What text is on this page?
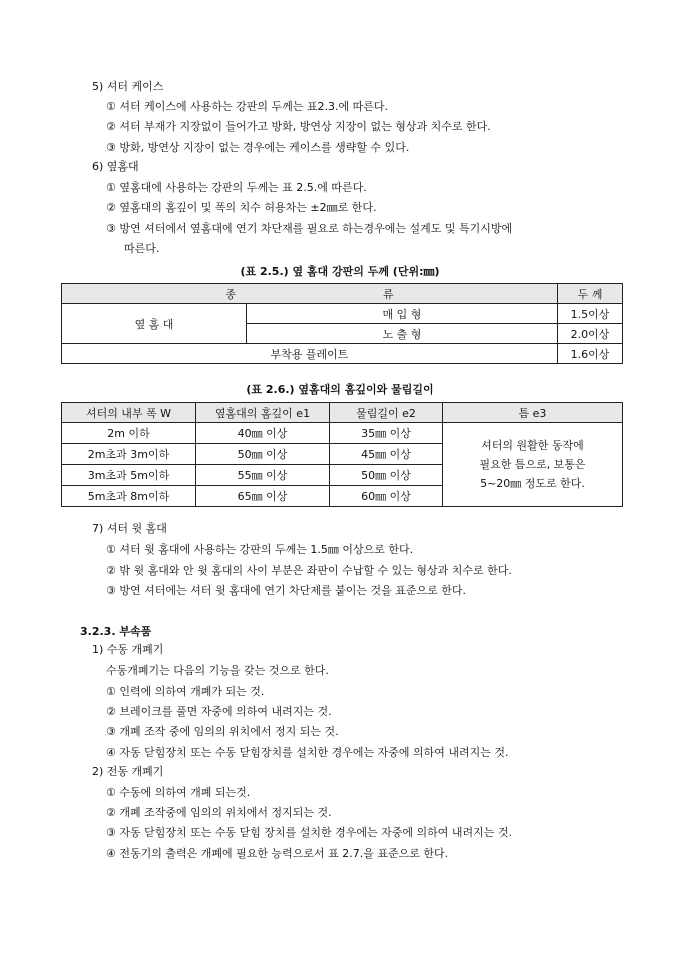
5) 셔터 케이스
① 셔터 케이스에 사용하는 강판의 두께는 표2.3.에 따른다.
② 셔터 부재가 지장없이 들어가고 방화, 방연상 지장이 없는 형상과 치수로 한다.
③ 방화, 방연상 지장이 없는 경우에는 케이스를 생략할 수 있다.
6) 옆홈대
① 옆홈대에 사용하는 강판의 두께는 표 2.5.에 따른다.
② 옆홈대의 홈깊이 및 폭의 치수 허용차는 ±2㎜로 한다.
③ 방연 셔터에서 옆홈대에 연기 차단재를 필요로 하는경우에는 설계도 및 특기시방에
따른다.
(표 2.5.) 옆 홈대 강판의 두께 (단위:㎜)
종 류		두 께
옆 홈 대	매 입 형	1.5이상
	노 출 형	2.0이상
부착용 플레이트		1.6이상
(표 2.6.) 옆홈대의 홈깊이와 물림길이
셔터의 내부 폭 W	옆홈대의 홈깊이 e1	물림길이 e2	틈 e3
2m 이하	40㎜ 이상	35㎜ 이상	셔터의 원활한 동작에
필요한 틈으로, 보통은
5~20㎜ 정도로 한다.

2m초과 3m이하	50㎜ 이상	45㎜ 이상	
3m초과 5m이하	55㎜ 이상	50㎜ 이상	
5m초과 8m이하	65㎜ 이상	60㎜ 이상	
7) 셔터 윗 홈대
① 셔터 윗 홈대에 사용하는 강판의 두께는 1.5㎜ 이상으로 한다.
② 밖 윗 홈대와 안 윗 홈대의 사이 부분은 좌판이 수납할 수 있는 형상과 치수로 한다.
③ 방연 셔터에는 셔터 윗 홈대에 연기 차단제를 붙이는 것을 표준으로 한다.
3.2.3. 부속품
1) 수동 개폐기
수동개폐기는 다음의 기능을 갖는 것으로 한다.
① 인력에 의하여 개폐가 되는 것.
② 브레이크를 풀면 자중에 의하여 내려지는 것.
③ 개폐 조작 중에 임의의 위치에서 정지 되는 것.
④ 자동 닫힘장치 또는 수동 닫힘장치를 설치한 경우에는 자중에 의하여 내려지는 것.
2) 전동 개폐기
① 수동에 의하여 개폐 되는것.
② 개폐 조작중에 임의의 위치에서 정지되는 것.
③ 자동 닫힘장치 또는 수동 닫힘 장치를 설치한 경우에는 자중에 의하여 내려지는 것.
④ 전동기의 출력은 개폐에 필요한 능력으로서 표 2.7.을 표준으로 한다.
